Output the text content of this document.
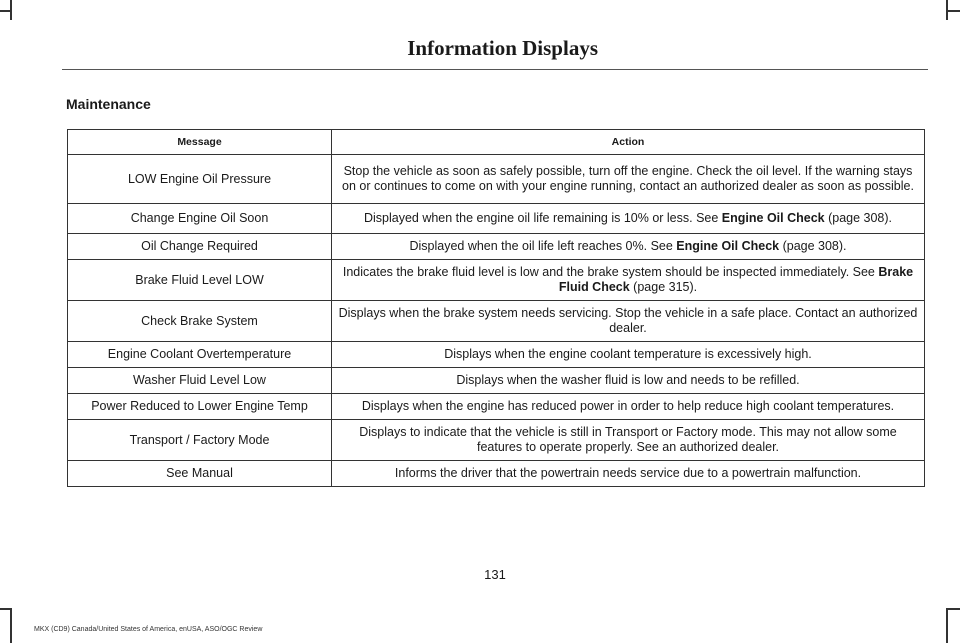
Information Displays
Maintenance
Message	Action
LOW Engine Oil Pressure	Stop the vehicle as soon as safely possible, turn off the engine. Check the oil level. If the warning stays on or continues to come on with your engine running, contact an authorized dealer as soon as possible.
Change Engine Oil Soon	Displayed when the engine oil life remaining is 10% or less. See Engine Oil Check (page 308).
Oil Change Required	Displayed when the oil life left reaches 0%. See Engine Oil Check (page 308).
Brake Fluid Level LOW	Indicates the brake fluid level is low and the brake system should be inspected immediately. See Brake Fluid Check (page 315).
Check Brake System	Displays when the brake system needs servicing. Stop the vehicle in a safe place. Contact an authorized dealer.
Engine Coolant Overtemperature	Displays when the engine coolant temperature is excessively high.
Washer Fluid Level Low	Displays when the washer fluid is low and needs to be refilled.
Power Reduced to Lower Engine Temp	Displays when the engine has reduced power in order to help reduce high coolant temperatures.
Transport / Factory Mode	Displays to indicate that the vehicle is still in Transport or Factory mode. This may not allow some features to operate properly. See an authorized dealer.
See Manual	Informs the driver that the powertrain needs service due to a powertrain malfunction.
131
MKX (CD9) Canada/United States of America, enUSA, ASO/OGC Review
